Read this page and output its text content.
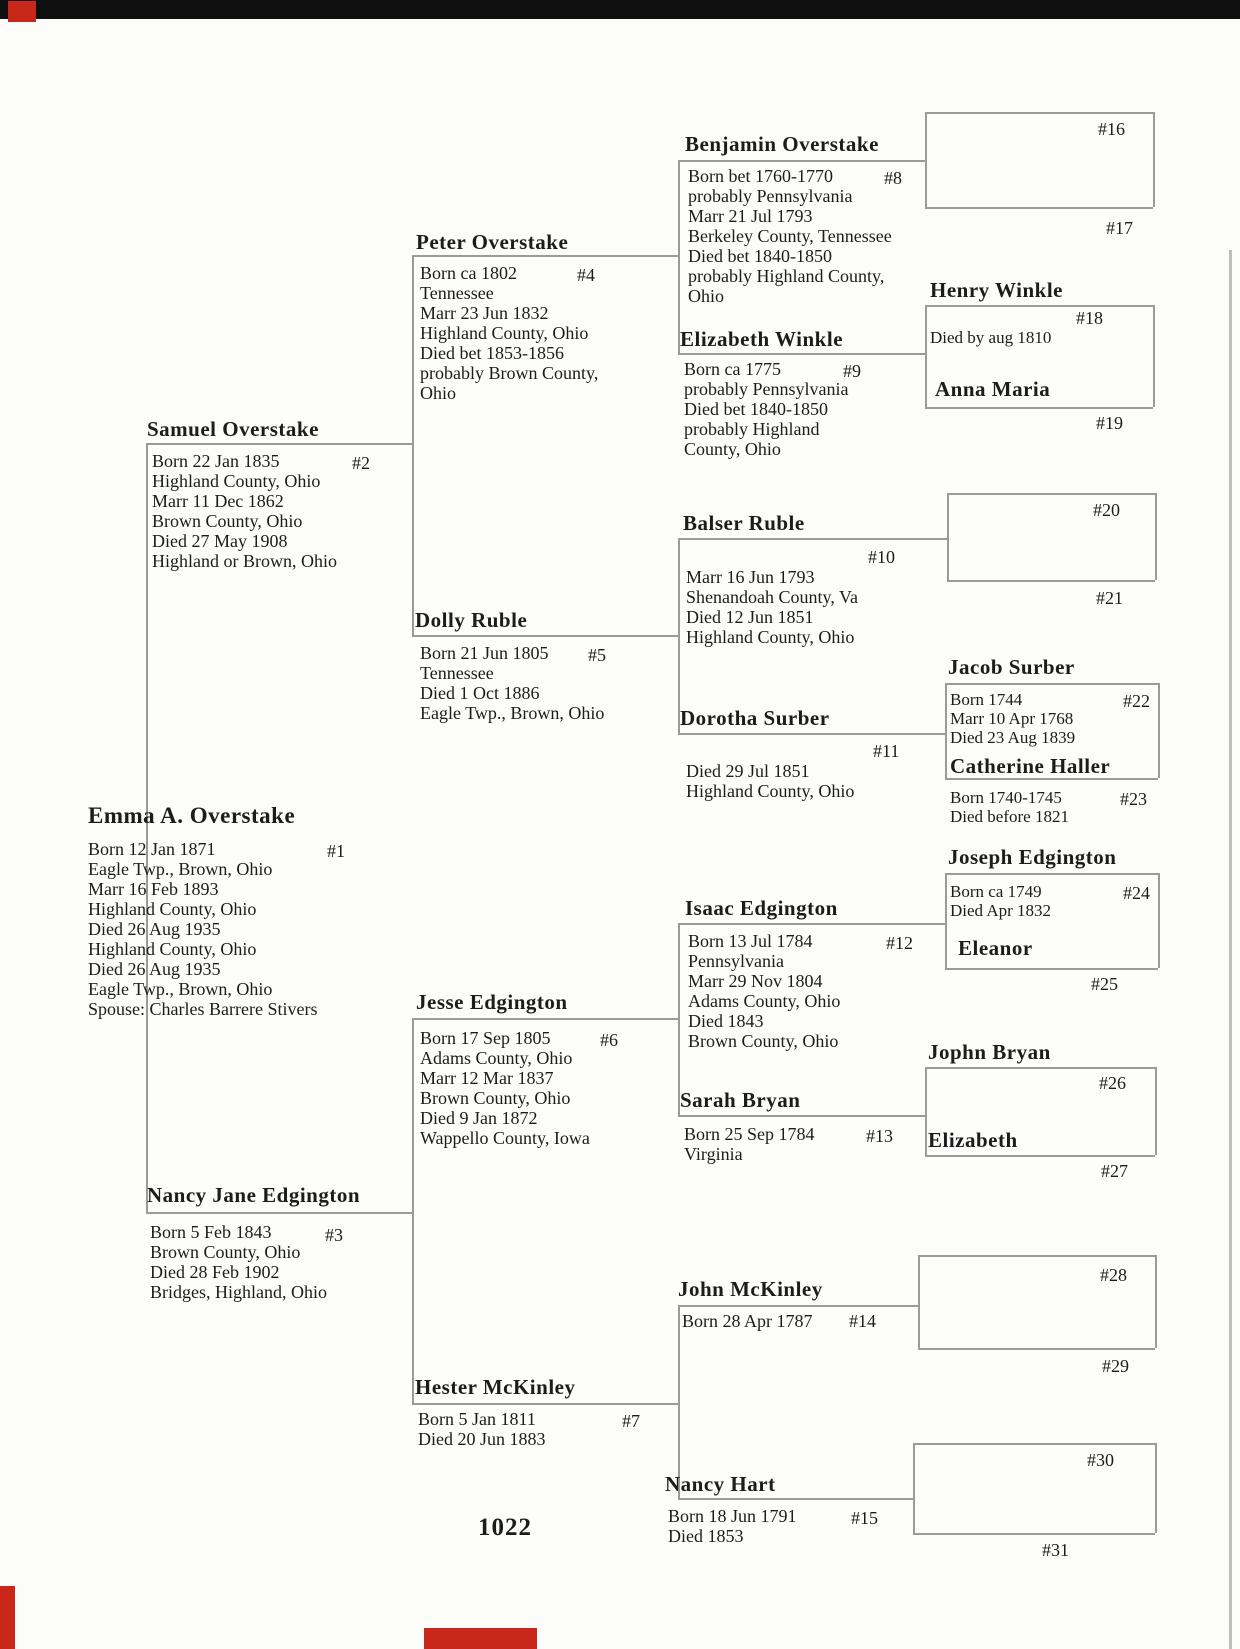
Emma A. Overstake
Born 12 Jan 1871
Eagle Twp., Brown, Ohio
Marr 16 Feb 1893
Highland County, Ohio
Died 26 Aug 1935
Highland County, Ohio
Died 26 Aug 1935
Eagle Twp., Brown, Ohio
Spouse: Charles Barrere Stivers
#1
Samuel Overstake
Born 22 Jan 1835
Highland County, Ohio
Marr 11 Dec 1862
Brown County, Ohio
Died 27 May 1908
Highland or Brown, Ohio
#2
Nancy Jane Edgington
Born 5 Feb 1843
Brown County, Ohio
Died 28 Feb 1902
Bridges, Highland, Ohio
#3
Peter Overstake
Born ca 1802
Tennessee
Marr 23 Jun 1832
Highland County, Ohio
Died bet 1853-1856
probably Brown County,
Ohio
#4
Dolly Ruble
Born 21 Jun 1805
Tennessee
Died 1 Oct 1886
Eagle Twp., Brown, Ohio
#5
Jesse Edgington
Born 17 Sep 1805
Adams County, Ohio
Marr 12 Mar 1837
Brown County, Ohio
Died 9 Jan 1872
Wappello County, Iowa
#6
Hester McKinley
Born 5 Jan 1811
Died 20 Jun 1883
#7
Benjamin Overstake
Born bet 1760-1770
probably Pennsylvania
Marr 21 Jul 1793
Berkeley County, Tennessee
Died bet 1840-1850
probably Highland County,
Ohio
#8
Elizabeth Winkle
Born ca 1775
probably Pennsylvania
Died bet 1840-1850
probably Highland
County, Ohio
#9
Balser Ruble
Marr 16 Jun 1793
Shenandoah County, Va
Died 12 Jun 1851
Highland County, Ohio
#10
Dorotha Surber
Died 29 Jul 1851
Highland County, Ohio
#11
Isaac Edgington
Born 13 Jul 1784
Pennsylvania
Marr 29 Nov 1804
Adams County, Ohio
Died 1843
Brown County, Ohio
#12
Sarah Bryan
Born 25 Sep 1784
Virginia
#13
John McKinley
Born 28 Apr 1787 #14
Nancy Hart
Born 18 Jun 1791
Died 1853
#15
#16
#17
Henry Winkle
Died by aug 1810
#18
Anna Maria
#19
#20
#21
Jacob Surber
Born 1744
Marr 10 Apr 1768
Died 23 Aug 1839
#22
Catherine Haller
Born 1740-1745
Died before 1821
#23
Joseph Edgington
Born ca 1749
Died Apr 1832
#24
Eleanor
#25
Jophn Bryan
#26
Elizabeth
#27
#28
#29
#30
#31
1022
